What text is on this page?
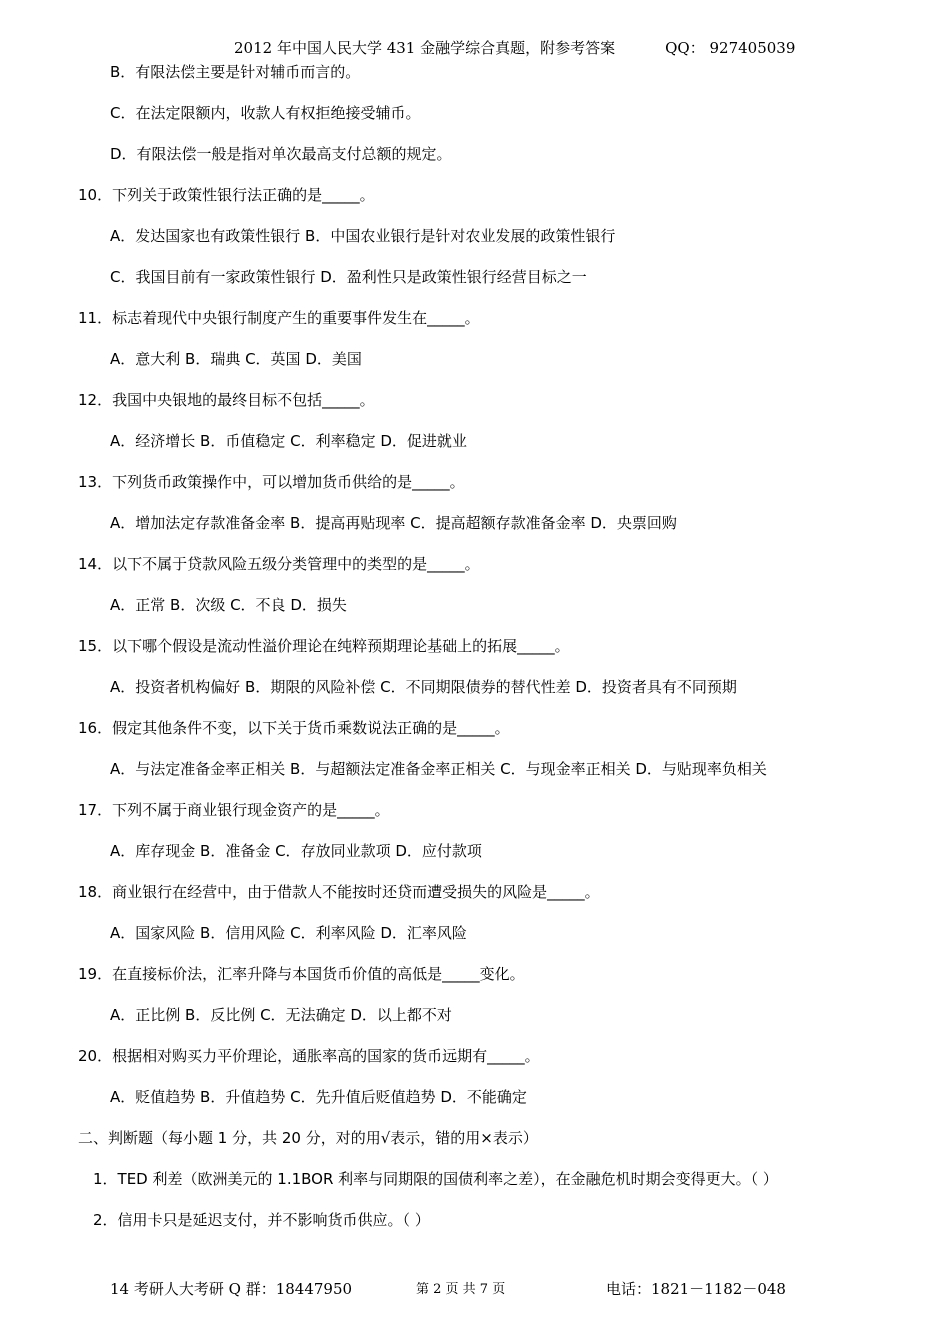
2012 年中国人民大学 431 金融学综合真题，附参考答案	QQ： 927405039
B．有限法偿主要是针对辅币而言的。
C．在法定限额内，收款人有权拒绝接受辅币。
D．有限法偿一般是指对单次最高支付总额的规定。
10．下列关于政策性银行法正确的是_____。
A．发达国家也有政策性银行 B．中国农业银行是针对农业发展的政策性银行
C．我国目前有一家政策性银行 D．盈利性只是政策性银行经营目标之一
11．标志着现代中央银行制度产生的重要事件发生在_____。
A．意大利 B．瑞典 C．英国 D．美国
12．我国中央银地的最终目标不包括_____。
A．经济增长 B．币值稳定 C．利率稳定 D．促进就业
13．下列货币政策操作中，可以增加货币供给的是_____。
A．增加法定存款准备金率 B．提高再贴现率 C．提高超额存款准备金率 D．央票回购
14．以下不属于贷款风险五级分类管理中的类型的是_____。
A．正常 B．次级 C．不良 D．损失
15．以下哪个假设是流动性溢价理论在纯粹预期理论基础上的拓展_____。
A．投资者机构偏好 B．期限的风险补偿 C．不同期限债券的替代性差 D．投资者具有不同预期
16．假定其他条件不变，以下关于货币乘数说法正确的是_____。
A．与法定准备金率正相关 B．与超额法定准备金率正相关 C．与现金率正相关 D．与贴现率负相关
17．下列不属于商业银行现金资产的是_____。
A．库存现金 B．准备金 C．存放同业款项 D．应付款项
18．商业银行在经营中，由于借款人不能按时还贷而遭受损失的风险是_____。
A．国家风险 B．信用风险 C．利率风险 D．汇率风险
19．在直接标价法，汇率升降与本国货币价值的高低是_____变化。
A．正比例 B．反比例 C．无法确定 D．以上都不对
20．根据相对购买力平价理论，通胀率高的国家的货币远期有_____。
A．贬值趋势 B．升值趋势 C．先升值后贬值趋势 D．不能确定
二、判断题（每小题 1 分，共 20 分，对的用√表示，错的用×表示）
1．TED 利差（欧洲美元的 1.1BOR 利率与同期限的国债利率之差），在金融危机时期会变得更大。（ ）
2．信用卡只是延迟支付，并不影响货币供应。（ ）
14 考研人大考研 Q 群：18447950	第 2 页 共 7 页	电话：1821－1182－048
